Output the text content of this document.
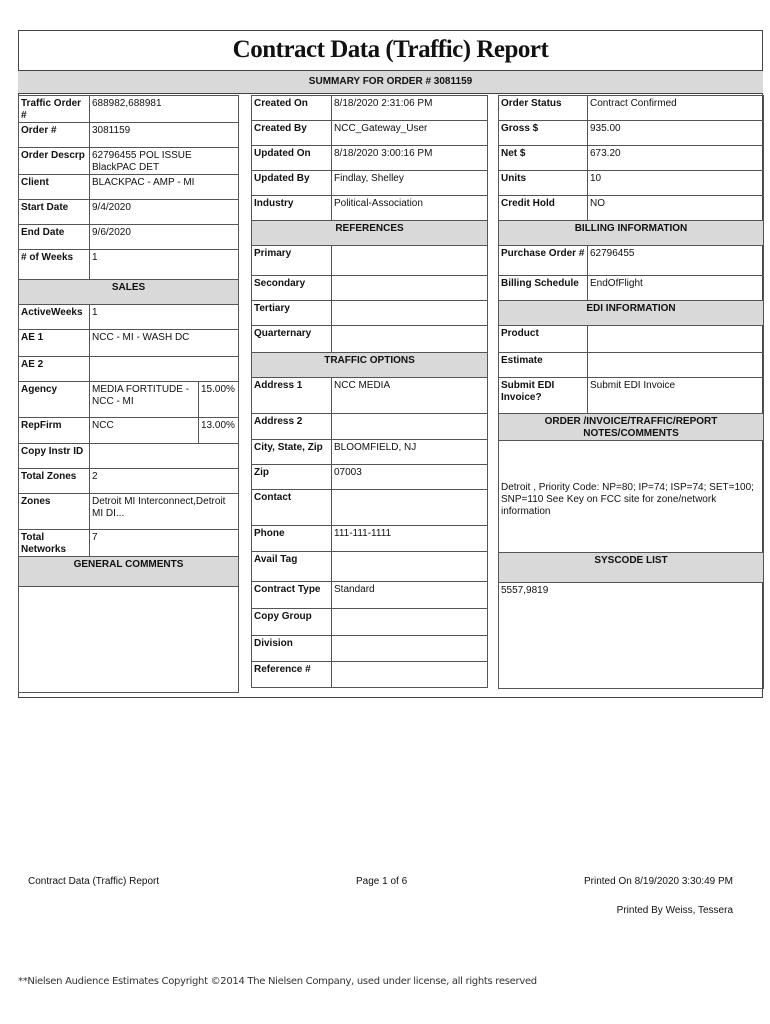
Contract Data (Traffic) Report
SUMMARY FOR ORDER # 3081159
Traffic Order #	688982,688981	
Order #	3081159	
Order Descrp	62796455 POL ISSUE BlackPAC DET	
Client	BLACKPAC - AMP - MI	
Start Date	9/4/2020	
End Date	9/6/2020	
# of Weeks	1	
SALES		
ActiveWeeks	1	
AE 1	NCC - MI - WASH DC	
AE 2		
Agency	MEDIA FORTITUDE - NCC - MI	15.00%
RepFirm	NCC	13.00%
Copy Instr ID		
Total Zones	2	
Zones	Detroit MI Interconnect,Detroit MI DI...	
Total Networks	7	
GENERAL COMMENTS		

Created On	8/18/2020 2:31:06 PM
Created By	NCC_Gateway_User
Updated On	8/18/2020 3:00:16 PM
Updated By	Findlay, Shelley
Industry	Political-Association
REFERENCES	
Primary	
Secondary	
Tertiary	
Quarternary	
TRAFFIC OPTIONS	
Address 1	NCC MEDIA
Address 2	
City, State, Zip	BLOOMFIELD, NJ
Zip	07003
Contact	
Phone	111-111-1111
Avail Tag	
Contract Type	Standard
Copy Group	
Division	
Reference #	
Order Status	Contract Confirmed
Gross $	935.00
Net $	673.20
Units	10
Credit Hold	NO
BILLING INFORMATION	
Purchase Order #	62796455
Billing Schedule	EndOfFlight
EDI INFORMATION	
Product	
Estimate	
Submit EDI Invoice?	Submit EDI Invoice
ORDER /INVOICE/TRAFFIC/REPORT NOTES/COMMENTS	
Detroit , Priority Code: NP=80; IP=74; ISP=74; SET=100; SNP=110 See Key on FCC site for zone/network information	
SYSCODE LIST	
5557,9819	
Contract Data (Traffic) Report	Page 1 of 6	Printed On 8/19/2020 3:30:49 PM
Printed By Weiss, Tessera
**Nielsen Audience Estimates Copyright ©2014 The Nielsen Company, used under license, all rights reserved
